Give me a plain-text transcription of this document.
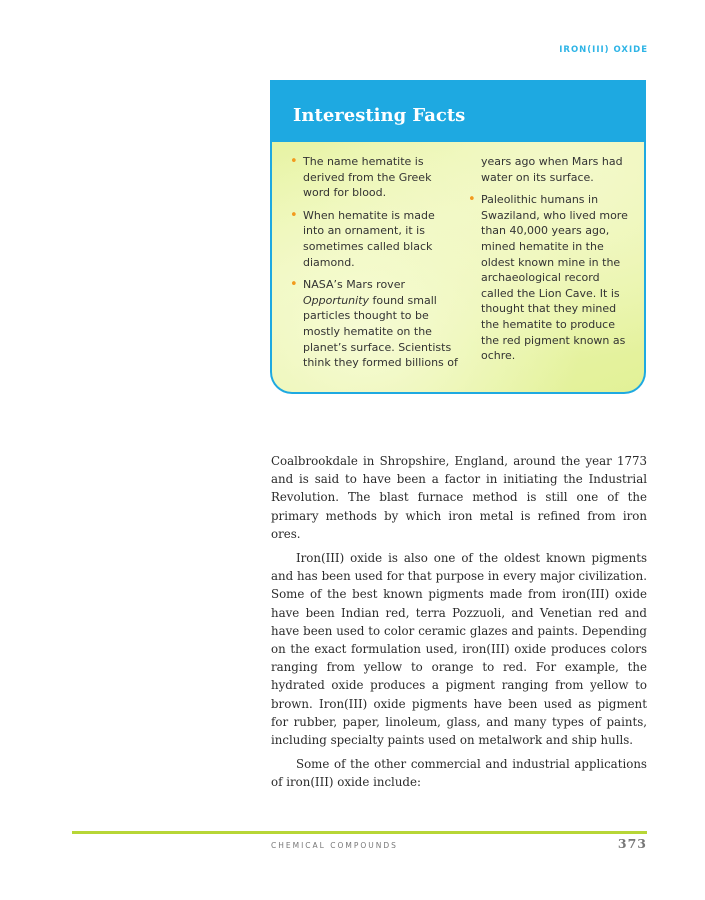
IRON(III) OXIDE
Interesting Facts
• The name hematite is derived from the Greek word for blood.
• When hematite is made into an ornament, it is sometimes called black diamond.
• NASA’s Mars rover Opportunity found small particles thought to be mostly hematite on the planet’s surface. Scientists think they formed billions of
years ago when Mars had water on its surface.
• Paleolithic humans in Swaziland, who lived more than 40,000 years ago, mined hematite in the oldest known mine in the archaeological record called the Lion Cave. It is thought that they mined the hematite to produce the red pigment known as ochre.

Coalbrookdale in Shropshire, England, around the year 1773 and is said to have been a factor in initiating the Industrial Revolution. The blast furnace method is still one of the primary methods by which iron metal is refined from iron ores.

Iron(III) oxide is also one of the oldest known pigments and has been used for that purpose in every major civilization. Some of the best known pigments made from iron(III) oxide have been Indian red, terra Pozzuoli, and Venetian red and have been used to color ceramic glazes and paints. Depending on the exact formulation used, iron(III) oxide produces colors ranging from yellow to orange to red. For example, the hydrated oxide produces a pigment ranging from yellow to brown. Iron(III) oxide pigments have been used as pigment for rubber, paper, linoleum, glass, and many types of paints, including specialty paints used on metalwork and ship hulls.

Some of the other commercial and industrial applications of iron(III) oxide include:

CHEMICAL COMPOUNDS	373
